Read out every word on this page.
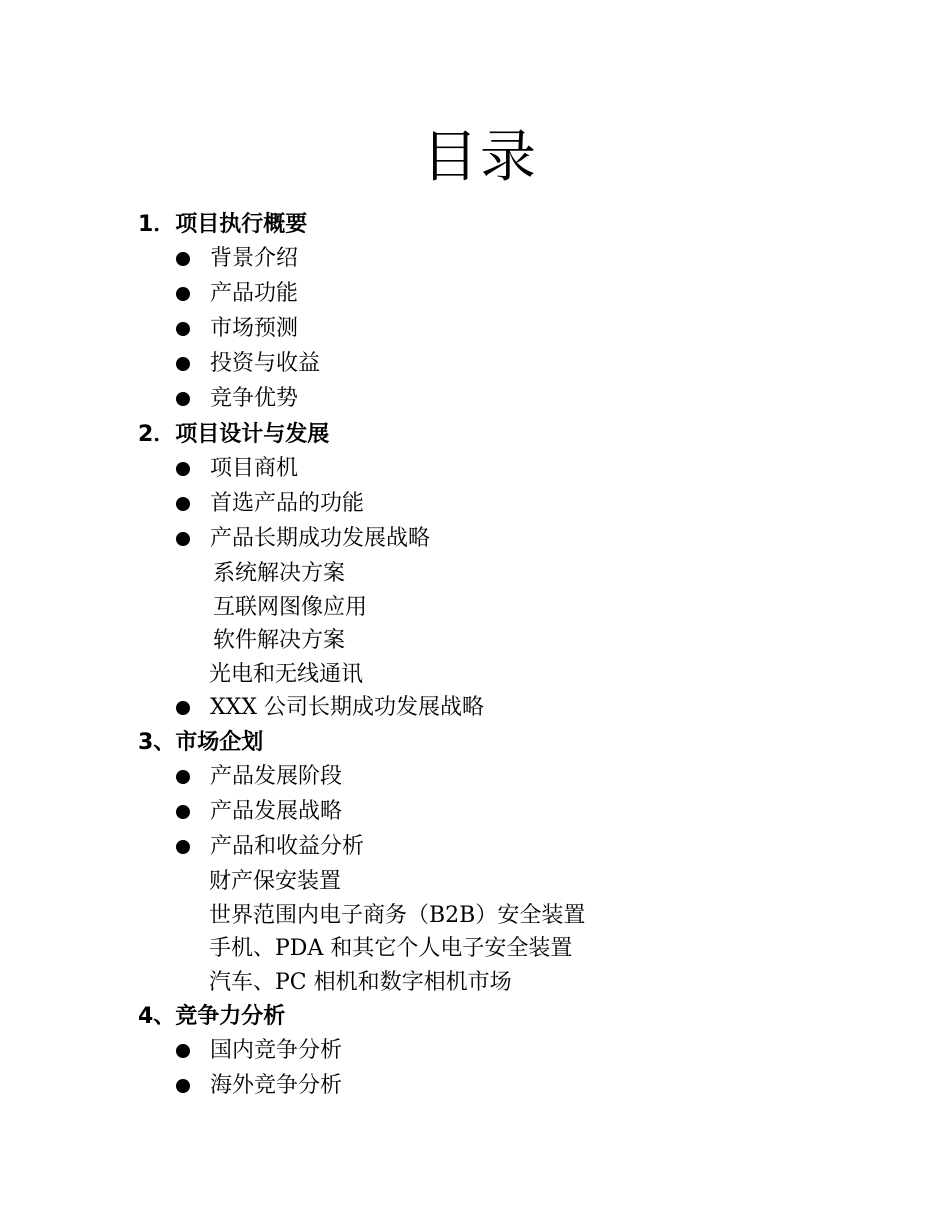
目录
1．项目执行概要
背景介绍
产品功能
市场预测
投资与收益
竞争优势
2．项目设计与发展
项目商机
首选产品的功能
产品长期成功发展战略
系统解决方案
互联网图像应用
软件解决方案
光电和无线通讯
XXX 公司长期成功发展战略
3、市场企划
产品发展阶段
产品发展战略
产品和收益分析
财产保安装置
世界范围内电子商务（B2B）安全装置
手机、PDA 和其它个人电子安全装置
汽车、PC 相机和数字相机市场
4、竞争力分析
国内竞争分析
海外竞争分析
